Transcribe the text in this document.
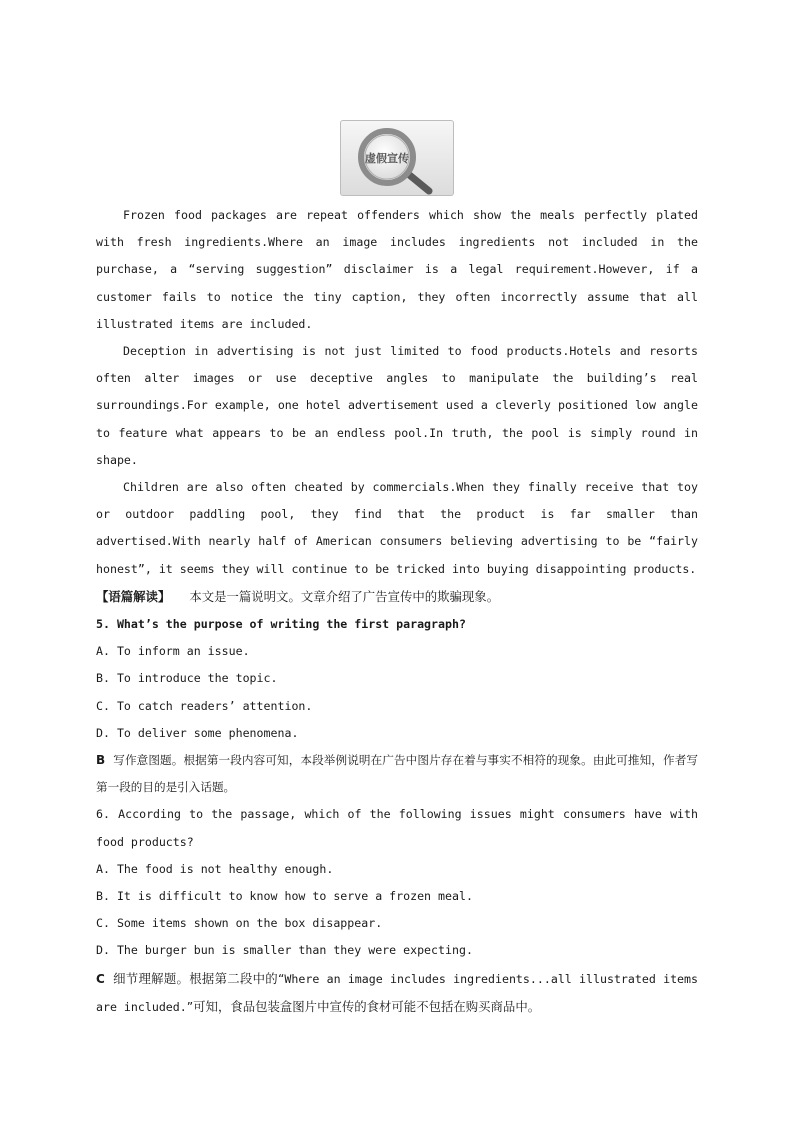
虚假宣传

Frozen food packages are repeat offenders which show the meals perfectly plated with fresh ingredients.Where an image includes ingredients not included in the purchase, a “serving suggestion” disclaimer is a legal requirement.However, if a customer fails to notice the tiny caption, they often incorrectly assume that all illustrated items are included.

Deception in advertising is not just limited to food products.Hotels and resorts often alter images or use deceptive angles to manipulate the building’s real surroundings.For example, one hotel advertisement used a cleverly positioned low angle to feature what appears to be an endless pool.In truth, the pool is simply round in shape.

Children are also often cheated by commercials.When they finally receive that toy or outdoor paddling pool, they find that the product is far smaller than advertised.With nearly half of American consumers believing advertising to be “fairly honest”, it seems they will continue to be tricked into buying disappointing products.

【语篇解读】 本文是一篇说明文。文章介绍了广告宣传中的欺骗现象。

5. What’s the purpose of writing the first paragraph?

A. To inform an issue.

B. To introduce the topic.

C. To catch readers’ attention.

D. To deliver some phenomena.

B 写作意图题。根据第一段内容可知，本段举例说明在广告中图片存在着与事实不相符的现象。由此可推知，作者写第一段的目的是引入话题。

6. According to the passage, which of the following issues might consumers have with food products?

A. The food is not healthy enough.

B. It is difficult to know how to serve a frozen meal.

C. Some items shown on the box disappear.

D. The burger bun is smaller than they were expecting.

C 细节理解题。根据第二段中的“Where an image includes ingredients...all illustrated items are included.”可知，食品包装盒图片中宣传的食材可能不包括在购买商品中。
